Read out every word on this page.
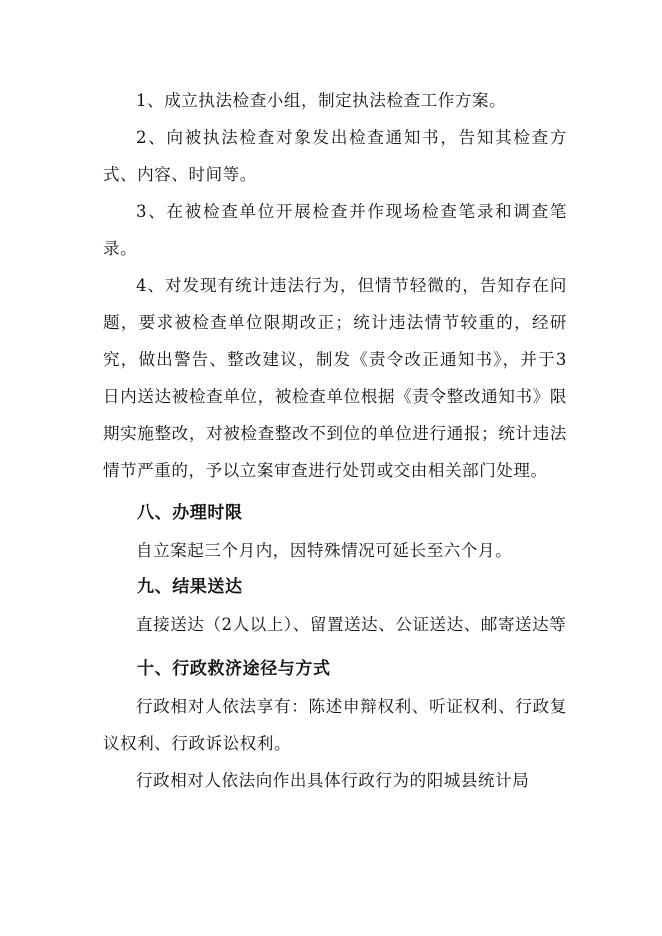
1、成立执法检查小组，制定执法检查工作方案。

2、向被执法检查对象发出检查通知书，告知其检查方式、内容、时间等。

3、在被检查单位开展检查并作现场检查笔录和调查笔录。

4、对发现有统计违法行为，但情节轻微的，告知存在问题，要求被检查单位限期改正；统计违法情节较重的，经研究，做出警告、整改建议，制发《责令改正通知书》，并于3日内送达被检查单位，被检查单位根据《责令整改通知书》限期实施整改，对被检查整改不到位的单位进行通报；统计违法情节严重的，予以立案审查进行处罚或交由相关部门处理。

八、办理时限

自立案起三个月内，因特殊情况可延长至六个月。

九、结果送达

直接送达（2人以上）、留置送达、公证送达、邮寄送达等

十、行政救济途径与方式

行政相对人依法享有：陈述申辩权利、听证权利、行政复议权利、行政诉讼权利。

行政相对人依法向作出具体行政行为的阳城县统计局
